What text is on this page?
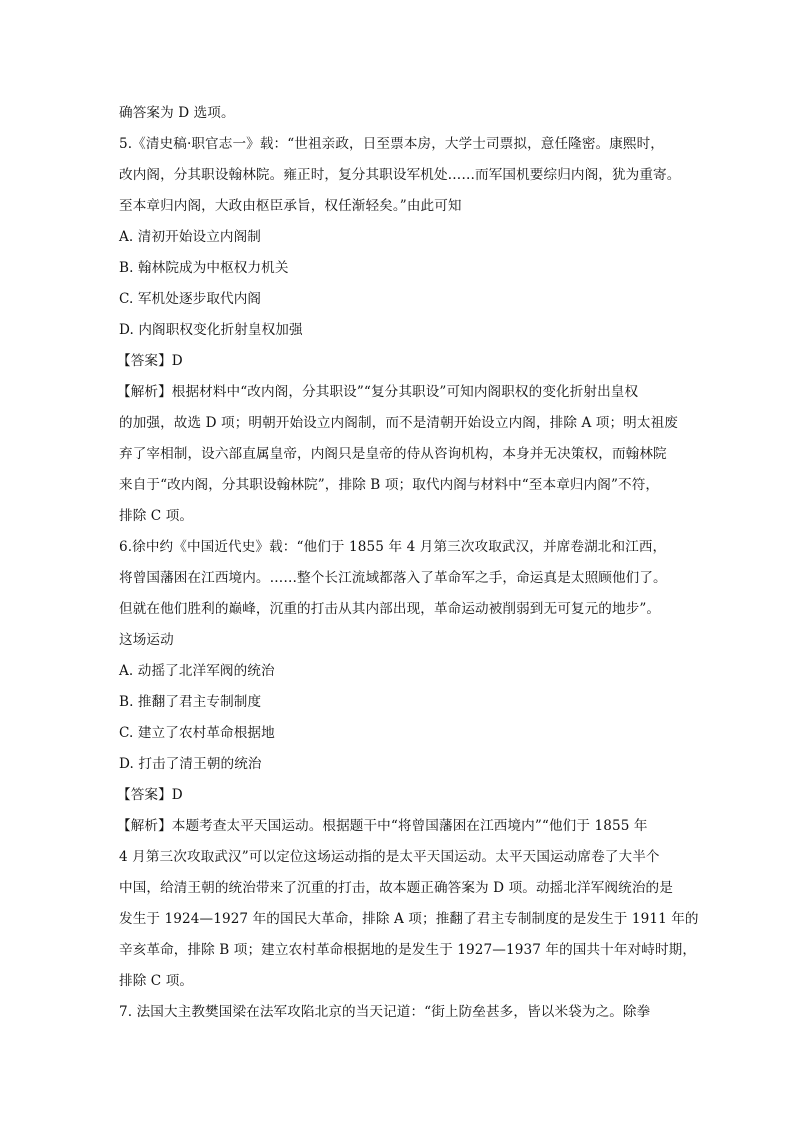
确答案为 D 选项。
5.《清史稿·职官志一》载：“世祖亲政，日至票本房，大学士司票拟，意任隆密。康熙时，
改内阁，分其职设翰林院。雍正时，复分其职设军机处……而军国机要综归内阁，犹为重寄。
至本章归内阁，大政由枢臣承旨，权任渐轻矣。”由此可知
A. 清初开始设立内阁制
B. 翰林院成为中枢权力机关
C. 军机处逐步取代内阁
D. 内阁职权变化折射皇权加强
【答案】D
【解析】根据材料中“改内阁，分其职设”“复分其职设”可知内阁职权的变化折射出皇权
的加强，故选 D 项；明朝开始设立内阁制，而不是清朝开始设立内阁，排除 A 项；明太祖废
弃了宰相制，设六部直属皇帝，内阁只是皇帝的侍从咨询机构，本身并无决策权，而翰林院
来自于“改内阁，分其职设翰林院”，排除 B 项；取代内阁与材料中“至本章归内阁”不符，
排除 C 项。
6.徐中约《中国近代史》载：“他们于 1855 年 4 月第三次攻取武汉，并席卷湖北和江西，
将曾国藩困在江西境内。……整个长江流域都落入了革命军之手，命运真是太照顾他们了。
但就在他们胜利的巅峰，沉重的打击从其内部出现，革命运动被削弱到无可复元的地步”。
这场运动
A. 动摇了北洋军阀的统治
B. 推翻了君主专制制度
C. 建立了农村革命根据地
D. 打击了清王朝的统治
【答案】D
【解析】本题考查太平天国运动。根据题干中“将曾国藩困在江西境内”“他们于 1855 年
4 月第三次攻取武汉”可以定位这场运动指的是太平天国运动。太平天国运动席卷了大半个
中国，给清王朝的统治带来了沉重的打击，故本题正确答案为 D 项。动摇北洋军阀统治的是
发生于 1924—1927 年的国民大革命，排除 A 项；推翻了君主专制制度的是发生于 1911 年的
辛亥革命，排除 B 项；建立农村革命根据地的是发生于 1927—1937 年的国共十年对峙时期，
排除 C 项。
7. 法国大主教樊国梁在法军攻陷北京的当天记道：“街上防垒甚多，皆以米袋为之。除拳
